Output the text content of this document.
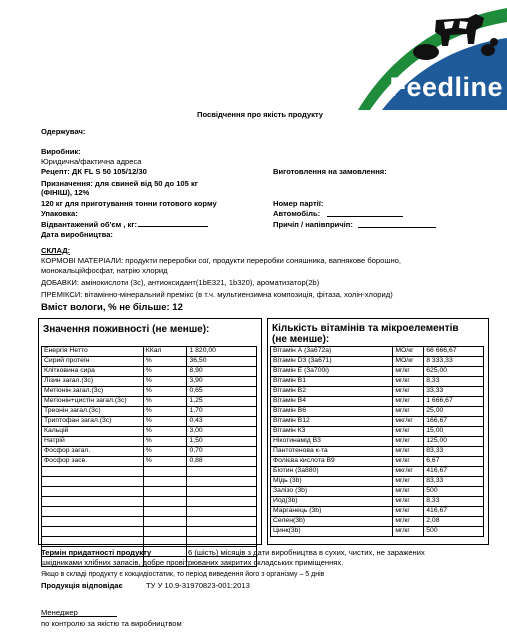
Feedline
Посвідчення про якість продукту
Одержувач:
Виробник:
Юридична/фактична адреса
Рецепт: ДК FL S 50 105/12/30
Призначення: для свиней від 50 до 105 кг
(ФІНІШ), 12%
120 кг для приготування тонни готового корму
Упаковка:
Відвантажений об'єм , кг:
Дата виробництва:
Виготовлення на замовлення:
Номер партії:
Автомобіль:
Причіп / напівпричіп:
СКЛАД:
КОРМОВІ МАТЕРІАЛИ: продукти переробки сої, продукти переробки соняшника, вапнякове борошно,
монокальційфосфат, натрію хлорид
ДОБАВКИ: амінокислоти (3с), антиоксидант(1bE321, 1b320), ароматизатор(2b)
ПРЕМІКСИ: вітамінно-мінеральний премікс (в т.ч. мультиензимна композиція, фітаза, холін-хлорид)
Вміст вологи, % не більше: 12
Значення поживності (не менше):
Енергія Нетто	ККал	1 820,00
Сирий протеїн	%	36,50
Клітковина сира	%	8,90
Лізин загал.(3с)	%	3,90
Метіонін загал.(3с)	%	0,65
Метіонін+цистін загал.(3с)	%	1,25
Треонін загал.(3с)	%	1,70
Триптофан загал.(3с)	%	0,43
Кальцій	%	3,00
Натрій	%	1,50
Фосфор загал.	%	0,70
Фосфор засв.	%	0,88

Кількість вітамінів та мікроелементів
(не менше):
Вітамін А (3a672a)	МО/кг	66 666,67
Вітамін D3 (3a671)	МО/кг	8 333,33
Вітамін Е (3a700i)	мг/кг	625,00
Вітамін В1	мг/кг	8,33
Вітамін В2	мг/кг	33,33
Вітамін В4	мг/кг	1 666,67
Вітамін В6	мг/кг	25,00
Вітамін В12	мкг/кг	166,67
Вітамін К3	мг/кг	15,00
Нікотинамід В3	мг/кг	125,00
Пантотенова к-та	мг/кг	83,33
Фолієва кислота В9	мг/кг	6,67
Біотин (3a880)	мкг/кг	416,67
Мідь (3b)	мг/кг	83,33
Залізо (3b)	мг/кг	500
Йод(3b)	мг/кг	8,33
Марганець (3b)	мг/кг	416,67
Селен(3b)	мг/кг	2,08
Цинк(3b)	мг/кг	500
Термін придатності продукту	6 (шість) місяців з дати виробництва в сухих, чистих, не заражених
шкідниками хлібних запасів, добре провітрюваних закритих складських приміщеннях.
Якщо в складі продукту є кокцидіостатик, то період виведення його з організму – 5 днів
Продукція відповідає	ТУ У 10.9-31970823-001:2013
Менеджер
по контролю за якістю та виробництвом
